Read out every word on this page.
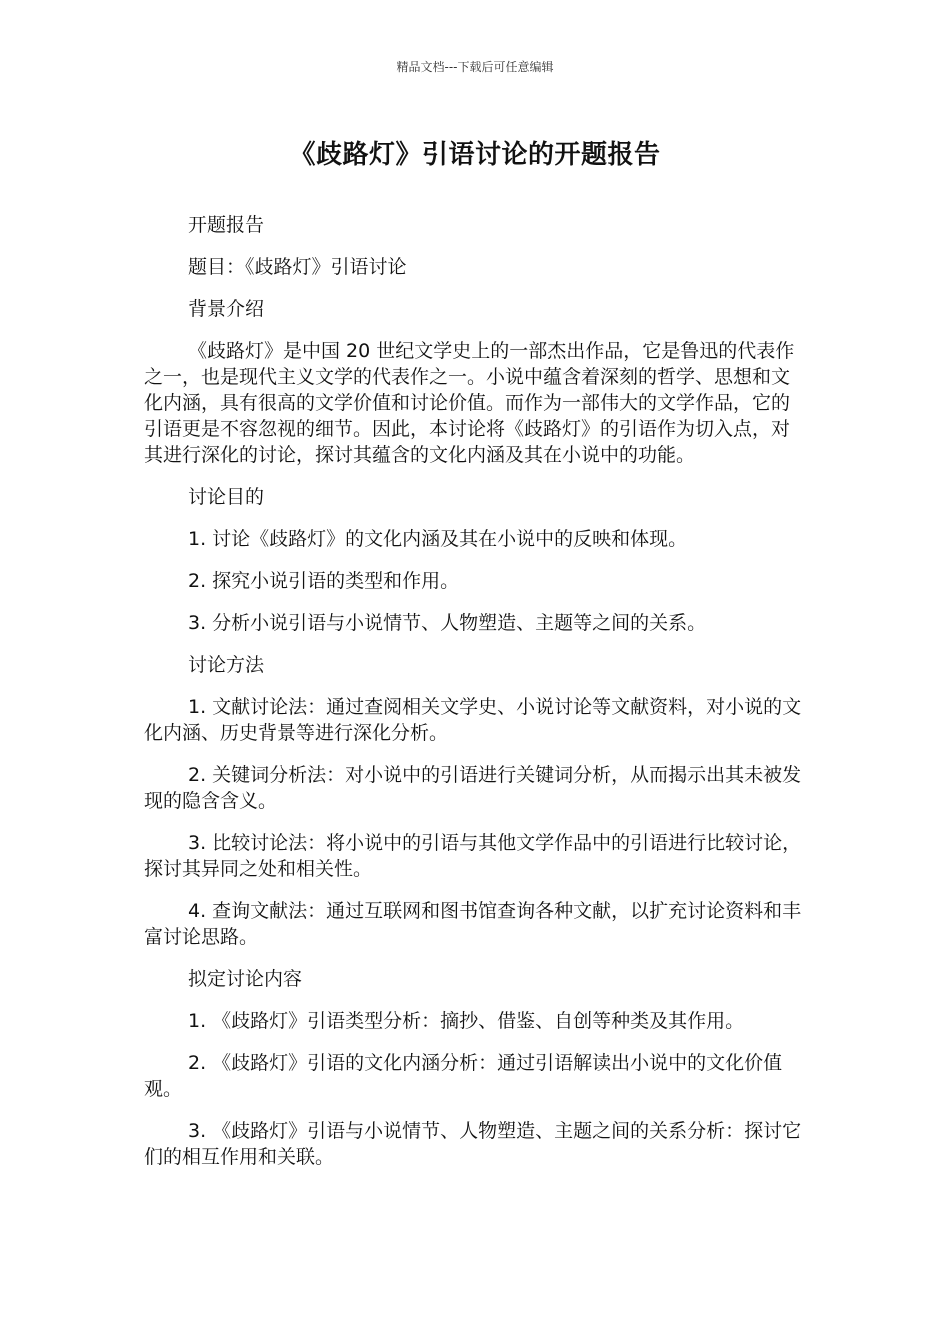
精品文档---下载后可任意编辑
《歧路灯》引语讨论的开题报告

开题报告

题目：《歧路灯》引语讨论

背景介绍

《歧路灯》是中国 20 世纪文学史上的一部杰出作品，它是鲁迅的代表作之一，也是现代主义文学的代表作之一。小说中蕴含着深刻的哲学、思想和文化内涵，具有很高的文学价值和讨论价值。而作为一部伟大的文学作品，它的引语更是不容忽视的细节。因此，本讨论将《歧路灯》的引语作为切入点，对其进行深化的讨论，探讨其蕴含的文化内涵及其在小说中的功能。

讨论目的

1. 讨论《歧路灯》的文化内涵及其在小说中的反映和体现。

2. 探究小说引语的类型和作用。

3. 分析小说引语与小说情节、人物塑造、主题等之间的关系。

讨论方法

1. 文献讨论法：通过查阅相关文学史、小说讨论等文献资料，对小说的文化内涵、历史背景等进行深化分析。

2. 关键词分析法：对小说中的引语进行关键词分析，从而揭示出其未被发现的隐含含义。

3. 比较讨论法：将小说中的引语与其他文学作品中的引语进行比较讨论，探讨其异同之处和相关性。

4. 查询文献法：通过互联网和图书馆查询各种文献，以扩充讨论资料和丰富讨论思路。

拟定讨论内容

1. 《歧路灯》引语类型分析：摘抄、借鉴、自创等种类及其作用。

2. 《歧路灯》引语的文化内涵分析：通过引语解读出小说中的文化价值观。

3. 《歧路灯》引语与小说情节、人物塑造、主题之间的关系分析：探讨它们的相互作用和关联。
